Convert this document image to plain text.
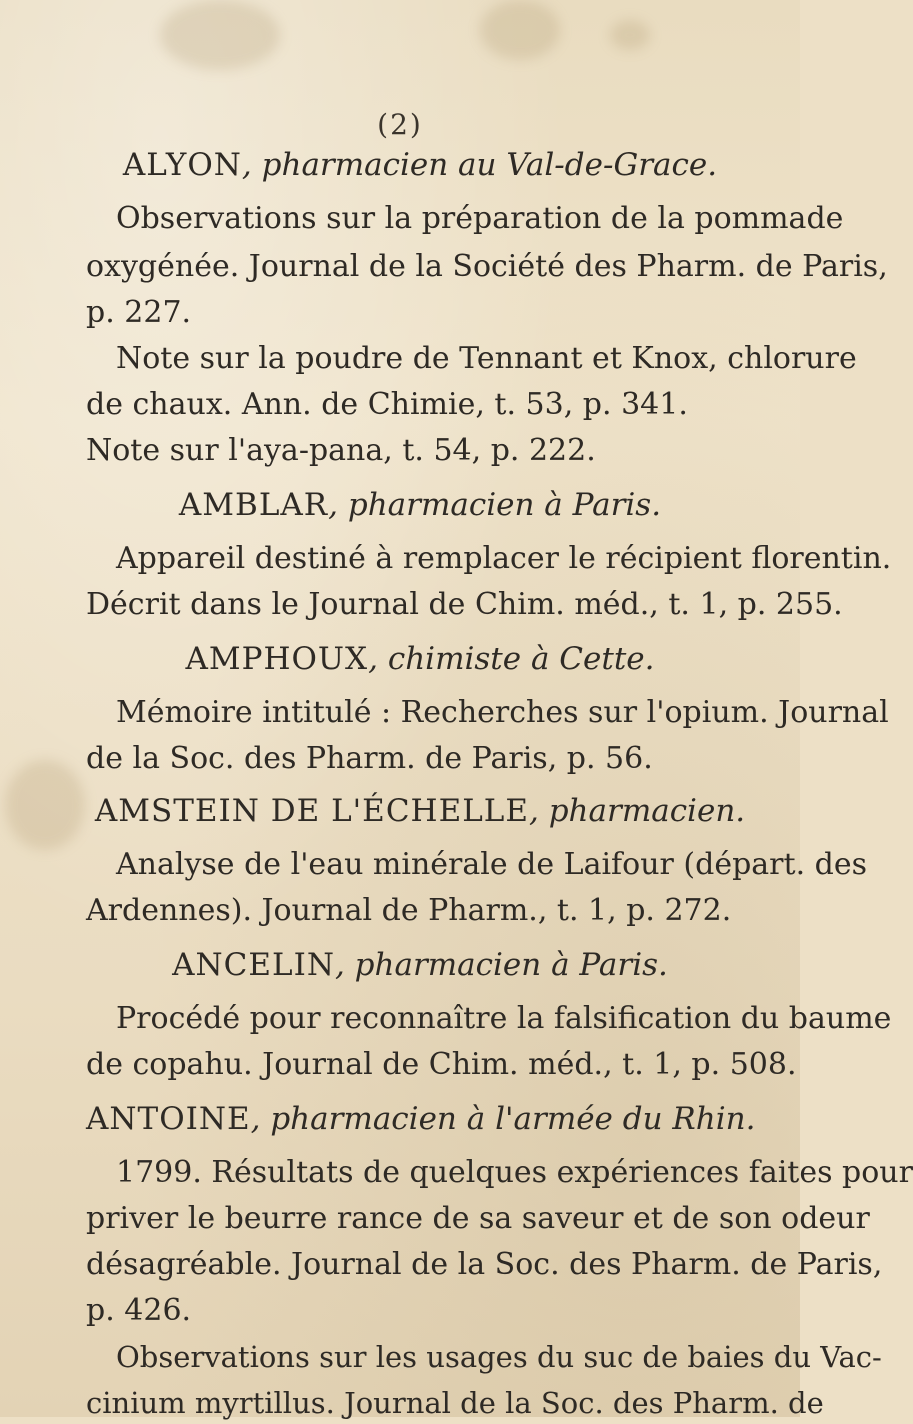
(2)
ALYON, pharmacien au Val-de-Grace.
Observations sur la préparation de la pommade
oxygénée. Journal de la Société des Pharm. de Paris,
p. 227.
Note sur la poudre de Tennant et Knox, chlorure
de chaux. Ann. de Chimie, t. 53, p. 341.
Note sur l'aya-pana, t. 54, p. 222.
AMBLAR, pharmacien à Paris.
Appareil destiné à remplacer le récipient florentin.
Décrit dans le Journal de Chim. méd., t. 1, p. 255.
AMPHOUX, chimiste à Cette.
Mémoire intitulé : Recherches sur l'opium. Journal
de la Soc. des Pharm. de Paris, p. 56.
AMSTEIN DE L'ÉCHELLE, pharmacien.
Analyse de l'eau minérale de Laifour (départ. des
Ardennes). Journal de Pharm., t. 1, p. 272.
ANCELIN, pharmacien à Paris.
Procédé pour reconnaître la falsification du baume
de copahu. Journal de Chim. méd., t. 1, p. 508.
ANTOINE, pharmacien à l'armée du Rhin.
1799. Résultats de quelques expériences faites pour
priver le beurre rance de sa saveur et de son odeur
désagréable. Journal de la Soc. des Pharm. de Paris,
p. 426.
Observations sur les usages du suc de baies du Vac-
cinium myrtillus. Journal de la Soc. des Pharm. de
